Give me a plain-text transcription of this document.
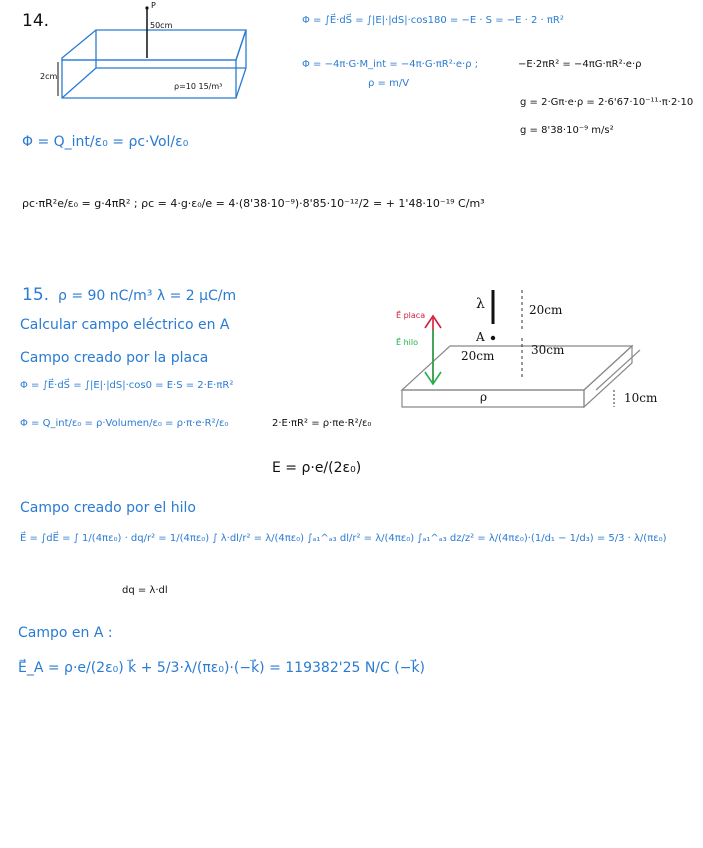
14.
P
50cm
2cm
ρ=10 15/m³
Φ = ∫E⃗·dS⃗ = ∫|E|·|dS|·cos180 = −E · S = −E · 2 · πR²
Φ = −4π·G·M_int = −4π·G·πR²·e·ρ ;
ρ = m/V
−E·2πR² = −4πG·πR²·e·ρ
g = 2·Gπ·e·ρ = 2·6'67·10⁻¹¹·π·2·10
g = 8'38·10⁻⁹ m/s²
Φ = Q_int/ε₀ = ρc·Vol/ε₀
ρc·πR²e/ε₀ = g·4πR² ; ρc = 4·g·ε₀/e = 4·(8'38·10⁻⁹)·8'85·10⁻¹²/2 = + 1'48·10⁻¹⁹ C/m³
15. ρ = 90 nC/m³ λ = 2 μC/m
Calcular campo eléctrico en A
Campo creado por la placa
Φ = ∫E⃗·dS⃗ = ∫|E|·|dS|·cos0 = E·S = 2·E·πR²
Φ = Q_int/ε₀ = ρ·Volumen/ε₀ = ρ·π·e·R²/ε₀	2·E·πR² = ρ·πe·R²/ε₀
E = ρ·e/(2ε₀)
λ
A
20cm
20cm
30cm
10cm
ρ
E⃗ placa
E⃗ hilo
Campo creado por el hilo
E⃗ = ∫dE⃗ = ∫ 1/(4πε₀) · dq/r² = 1/(4πε₀) ∫ λ·dl/r² = λ/(4πε₀) ∫ₐ₁^ₐ₃ dl/r² = λ/(4πε₀) ∫ₐ₁^ₐ₃ dz/z² = λ/(4πε₀)·(1/d₁ − 1/d₃) = 5/3 · λ/(πε₀)
dq = λ·dl
Campo en A :
E⃗_A = ρ·e/(2ε₀) k⃗ + 5/3·λ/(πε₀)·(−k⃗) = 119382'25 N/C (−k⃗)
